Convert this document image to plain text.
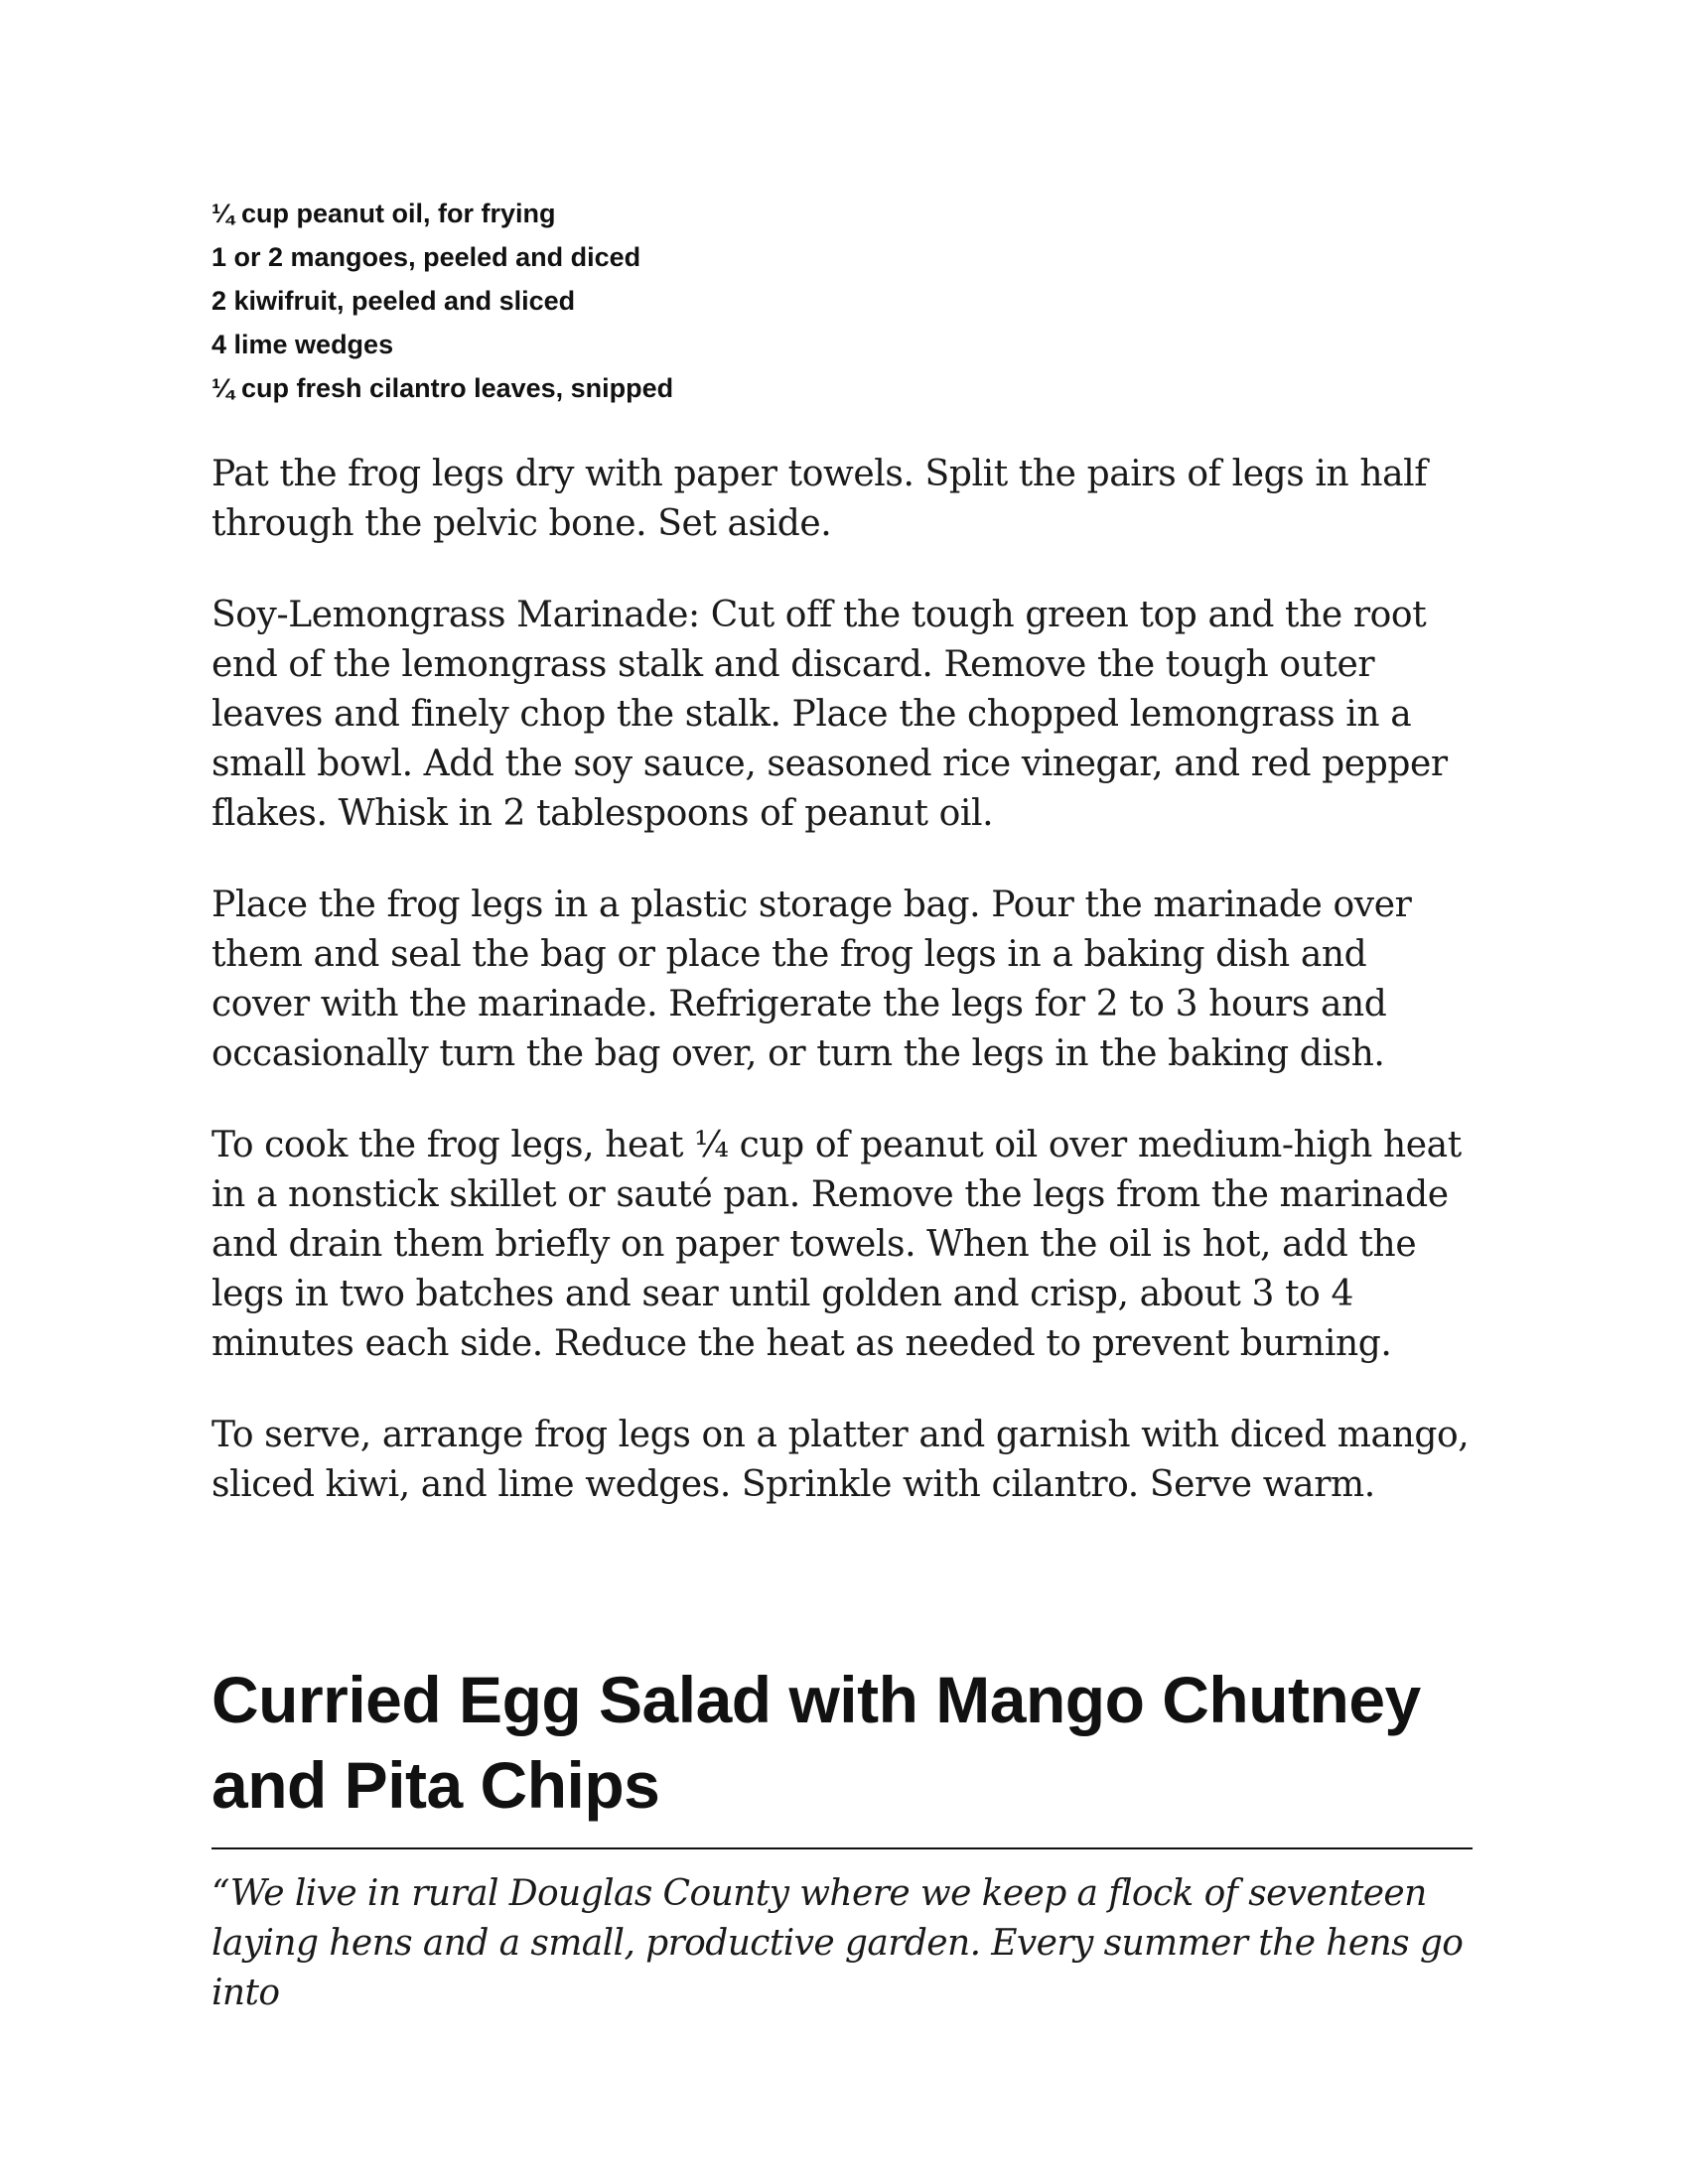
¼ cup peanut oil, for frying
1 or 2 mangoes, peeled and diced
2 kiwifruit, peeled and sliced
4 lime wedges
¼ cup fresh cilantro leaves, snipped

Pat the frog legs dry with paper towels. Split the pairs of legs in half through the pelvic bone. Set aside.

Soy-Lemongrass Marinade: Cut off the tough green top and the root end of the lemongrass stalk and discard. Remove the tough outer leaves and finely chop the stalk. Place the chopped lemongrass in a small bowl. Add the soy sauce, seasoned rice vinegar, and red pepper flakes. Whisk in 2 tablespoons of peanut oil.

Place the frog legs in a plastic storage bag. Pour the marinade over them and seal the bag or place the frog legs in a baking dish and cover with the marinade. Refrigerate the legs for 2 to 3 hours and occasionally turn the bag over, or turn the legs in the baking dish.

To cook the frog legs, heat ¼ cup of peanut oil over medium-high heat in a nonstick skillet or sauté pan. Remove the legs from the marinade and drain them briefly on paper towels. When the oil is hot, add the legs in two batches and sear until golden and crisp, about 3 to 4 minutes each side. Reduce the heat as needed to prevent burning.

To serve, arrange frog legs on a platter and garnish with diced mango, sliced kiwi, and lime wedges. Sprinkle with cilantro. Serve warm.

Curried Egg Salad with Mango Chutney and Pita Chips

“We live in rural Douglas County where we keep a flock of seventeen laying hens and a small, productive garden. Every summer the hens go into
